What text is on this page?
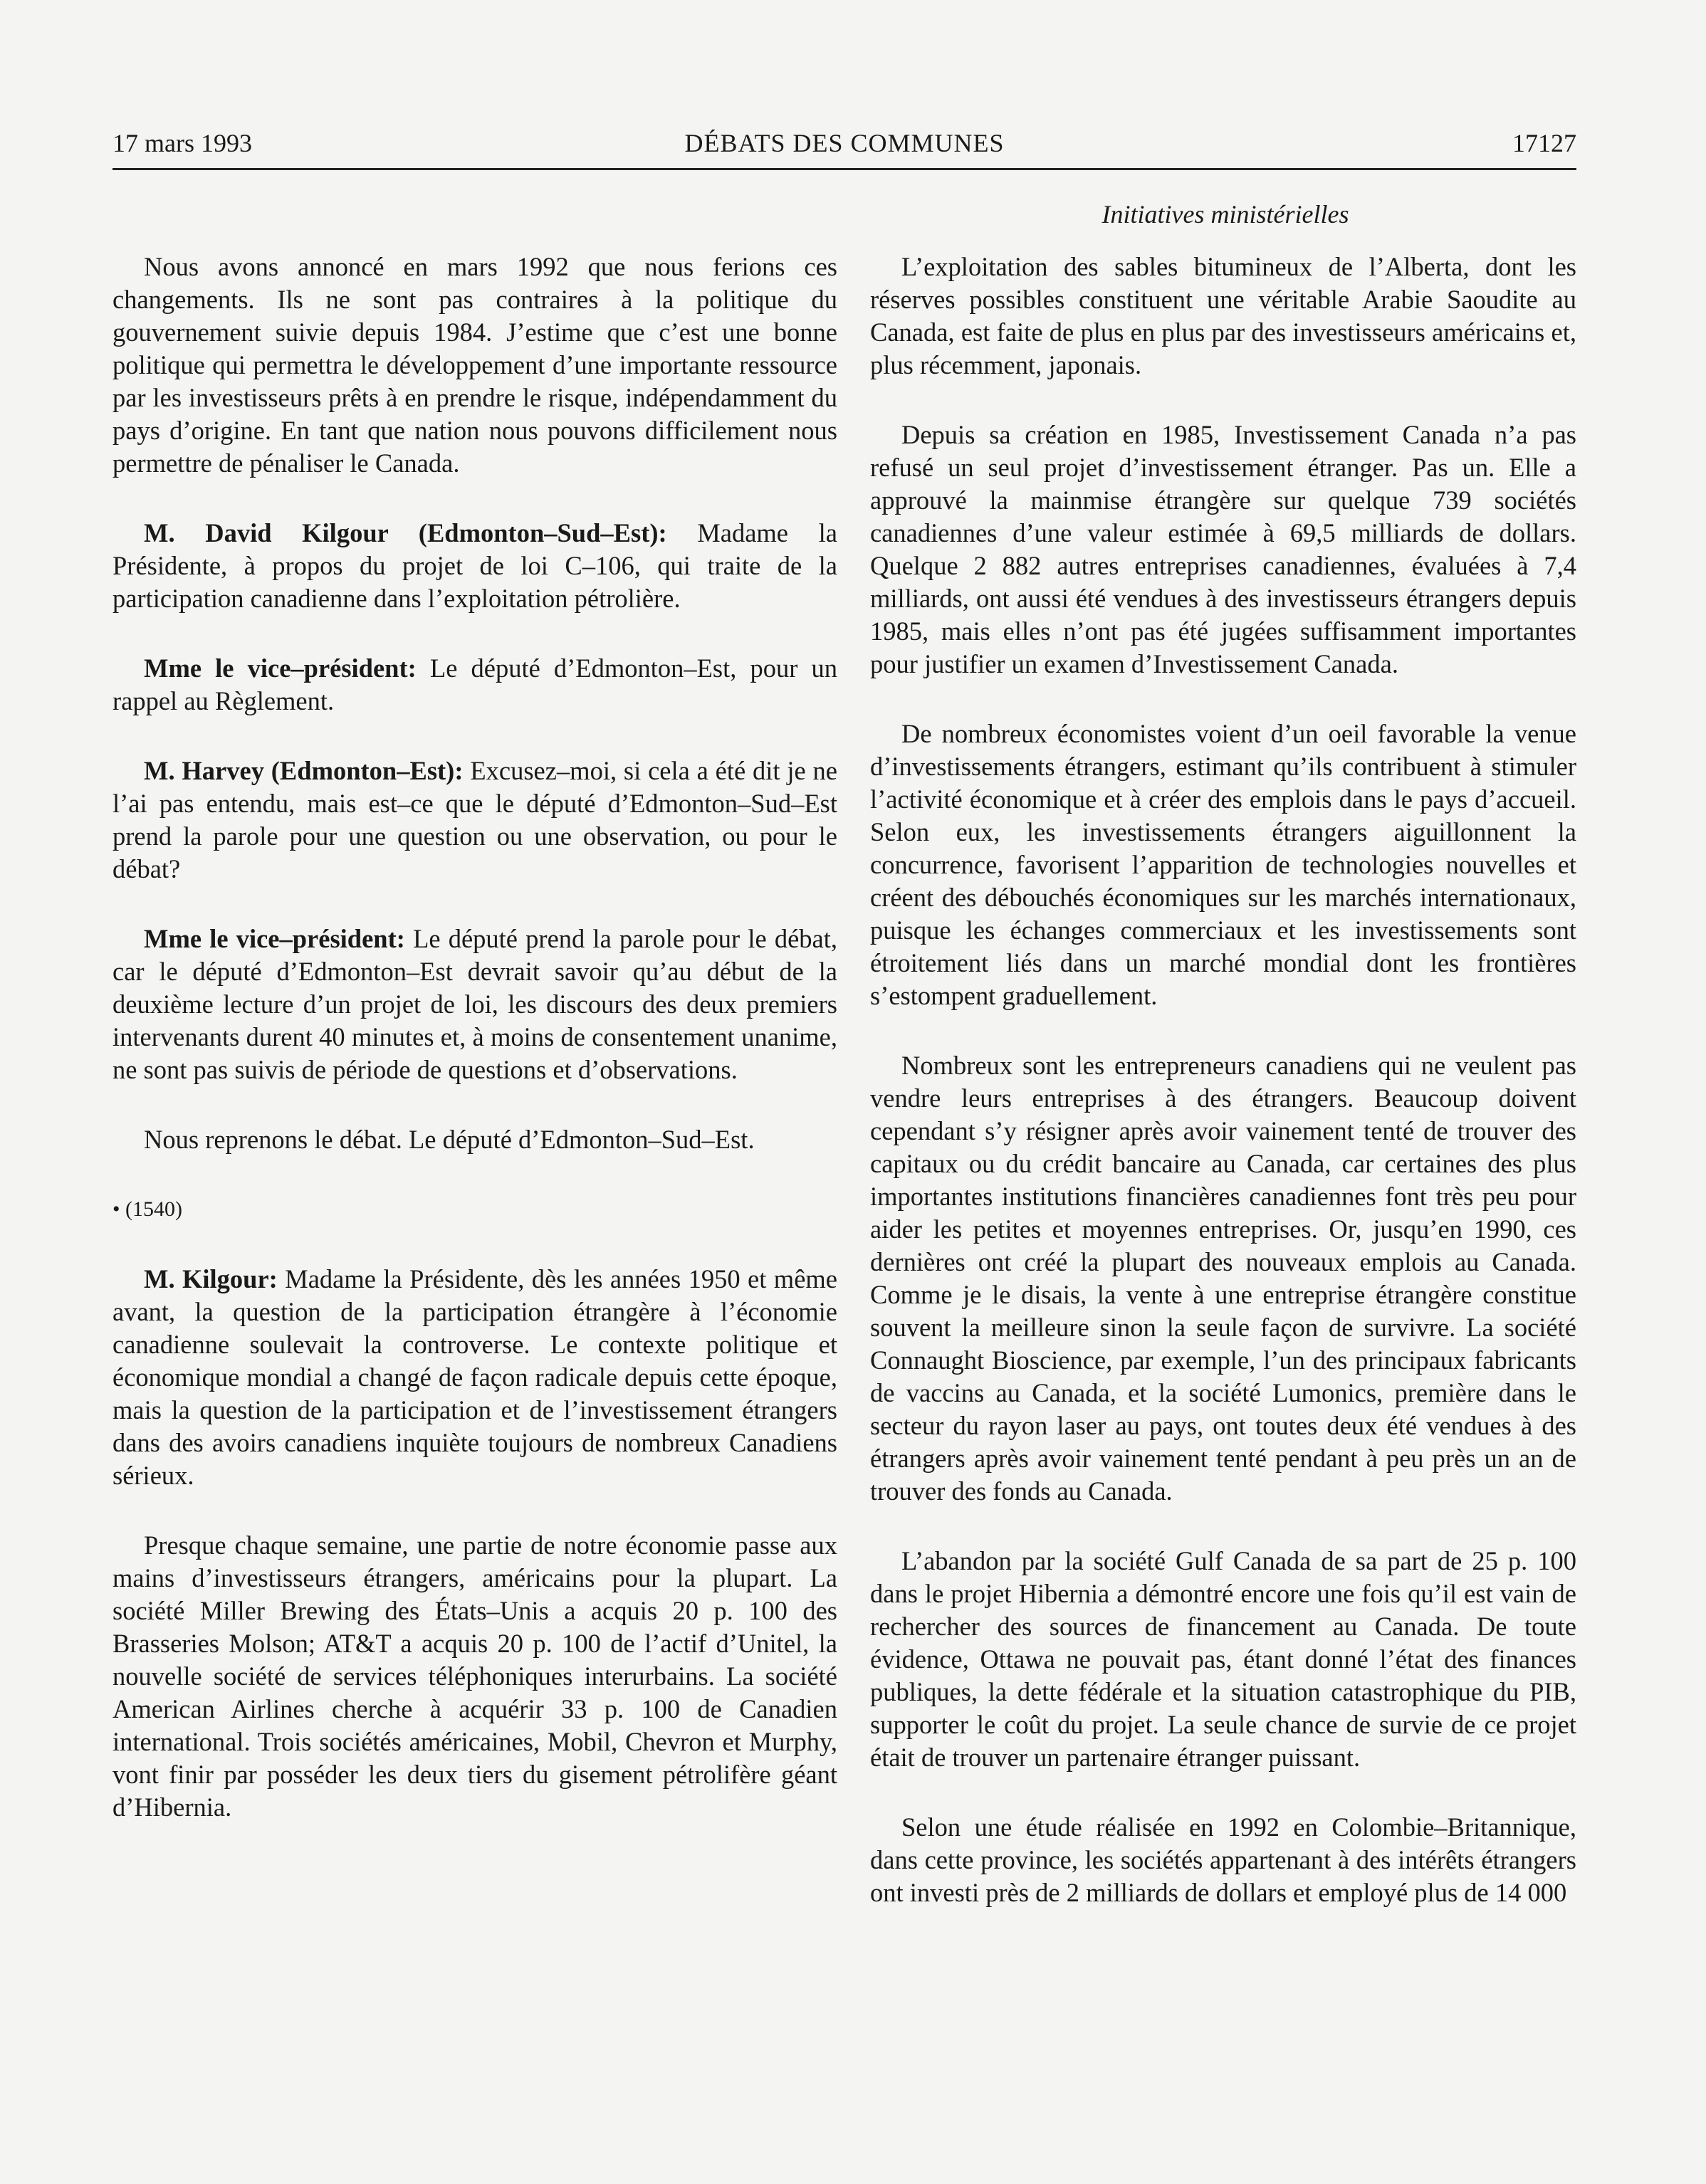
17 mars 1993	DÉBATS DES COMMUNES	17127
Initiatives ministérielles

Nous avons annoncé en mars 1992 que nous ferions ces changements. Ils ne sont pas contraires à la politique du gouvernement suivie depuis 1984. J’estime que c’est une bonne politique qui permettra le développement d’une importante ressource par les investisseurs prêts à en prendre le risque, indépendamment du pays d’origine. En tant que nation nous pouvons difficilement nous permettre de pénaliser le Canada.

M. David Kilgour (Edmonton–Sud–Est): Madame la Présidente, à propos du projet de loi C–106, qui traite de la participation canadienne dans l’exploitation pétrolière.

Mme le vice–président: Le député d’Edmonton–Est, pour un rappel au Règlement.

M. Harvey (Edmonton–Est): Excusez–moi, si cela a été dit je ne l’ai pas entendu, mais est–ce que le député d’Edmonton–Sud–Est prend la parole pour une question ou une observation, ou pour le débat?

Mme le vice–président: Le député prend la parole pour le débat, car le député d’Edmonton–Est devrait savoir qu’au début de la deuxième lecture d’un projet de loi, les discours des deux premiers intervenants durent 40 minutes et, à moins de consentement unanime, ne sont pas suivis de période de questions et d’observations.

Nous reprenons le débat. Le député d’Edmonton–Sud–Est.

• (1540)

M. Kilgour: Madame la Présidente, dès les années 1950 et même avant, la question de la participation étrangère à l’économie canadienne soulevait la controverse. Le contexte politique et économique mondial a changé de façon radicale depuis cette époque, mais la question de la participation et de l’investissement étrangers dans des avoirs canadiens inquiète toujours de nombreux Canadiens sérieux.

Presque chaque semaine, une partie de notre économie passe aux mains d’investisseurs étrangers, américains pour la plupart. La société Miller Brewing des États–Unis a acquis 20 p. 100 des Brasseries Molson; AT&T a acquis 20 p. 100 de l’actif d’Unitel, la nouvelle société de services téléphoniques interurbains. La société American Airlines cherche à acquérir 33 p. 100 de Canadien international. Trois sociétés américaines, Mobil, Chevron et Murphy, vont finir par posséder les deux tiers du gisement pétrolifère géant d’Hibernia.

L’exploitation des sables bitumineux de l’Alberta, dont les réserves possibles constituent une véritable Arabie Saoudite au Canada, est faite de plus en plus par des investisseurs américains et, plus récemment, japonais.

Depuis sa création en 1985, Investissement Canada n’a pas refusé un seul projet d’investissement étranger. Pas un. Elle a approuvé la mainmise étrangère sur quelque 739 sociétés canadiennes d’une valeur estimée à 69,5 milliards de dollars. Quelque 2 882 autres entreprises canadiennes, évaluées à 7,4 milliards, ont aussi été vendues à des investisseurs étrangers depuis 1985, mais elles n’ont pas été jugées suffisamment importantes pour justifier un examen d’Investissement Canada.

De nombreux économistes voient d’un oeil favorable la venue d’investissements étrangers, estimant qu’ils contribuent à stimuler l’activité économique et à créer des emplois dans le pays d’accueil. Selon eux, les investissements étrangers aiguillonnent la concurrence, favorisent l’apparition de technologies nouvelles et créent des débouchés économiques sur les marchés internationaux, puisque les échanges commerciaux et les investissements sont étroitement liés dans un marché mondial dont les frontières s’estompent graduellement.

Nombreux sont les entrepreneurs canadiens qui ne veulent pas vendre leurs entreprises à des étrangers. Beaucoup doivent cependant s’y résigner après avoir vainement tenté de trouver des capitaux ou du crédit bancaire au Canada, car certaines des plus importantes institutions financières canadiennes font très peu pour aider les petites et moyennes entreprises. Or, jusqu’en 1990, ces dernières ont créé la plupart des nouveaux emplois au Canada. Comme je le disais, la vente à une entreprise étrangère constitue souvent la meilleure sinon la seule façon de survivre. La société Connaught Bioscience, par exemple, l’un des principaux fabricants de vaccins au Canada, et la société Lumonics, première dans le secteur du rayon laser au pays, ont toutes deux été vendues à des étrangers après avoir vainement tenté pendant à peu près un an de trouver des fonds au Canada.

L’abandon par la société Gulf Canada de sa part de 25 p. 100 dans le projet Hibernia a démontré encore une fois qu’il est vain de rechercher des sources de financement au Canada. De toute évidence, Ottawa ne pouvait pas, étant donné l’état des finances publiques, la dette fédérale et la situation catastrophique du PIB, supporter le coût du projet. La seule chance de survie de ce projet était de trouver un partenaire étranger puissant.

Selon une étude réalisée en 1992 en Colombie–Britannique, dans cette province, les sociétés appartenant à des intérêts étrangers ont investi près de 2 milliards de dollars et employé plus de 14 000
